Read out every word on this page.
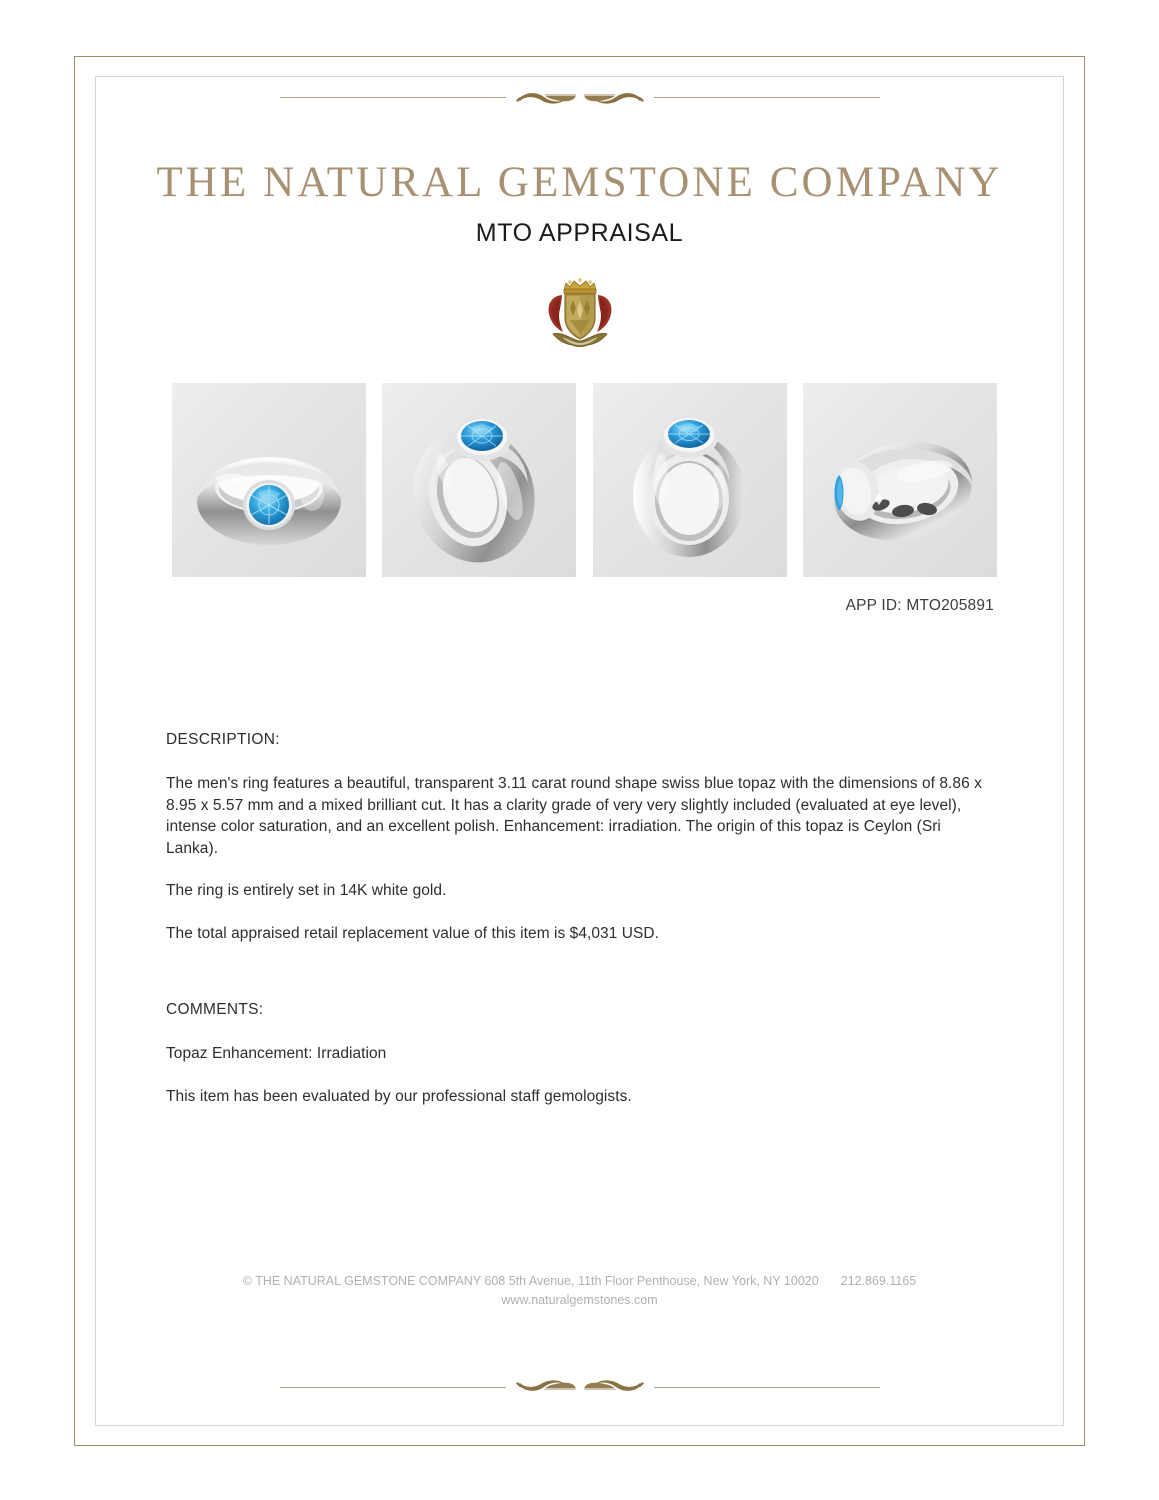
THE NATURAL GEMSTONE COMPANY
MTO APPRAISAL
APP ID: MTO205891

DESCRIPTION:

The men's ring features a beautiful, transparent 3.11 carat round shape swiss blue topaz with the dimensions of 8.86 x 8.95 x 5.57 mm and a mixed brilliant cut. It has a clarity grade of very very slightly included (evaluated at eye level), intense color saturation, and an excellent polish. Enhancement: irradiation. The origin of this topaz is Ceylon (Sri Lanka).

The ring is entirely set in 14K white gold.

The total appraised retail replacement value of this item is $4,031 USD.

COMMENTS:

Topaz Enhancement: Irradiation

This item has been evaluated by our professional staff gemologists.

© THE NATURAL GEMSTONE COMPANY 608 5th Avenue, 11th Floor Penthouse, New York, NY 10020 212.869.1165
www.naturalgemstones.com
